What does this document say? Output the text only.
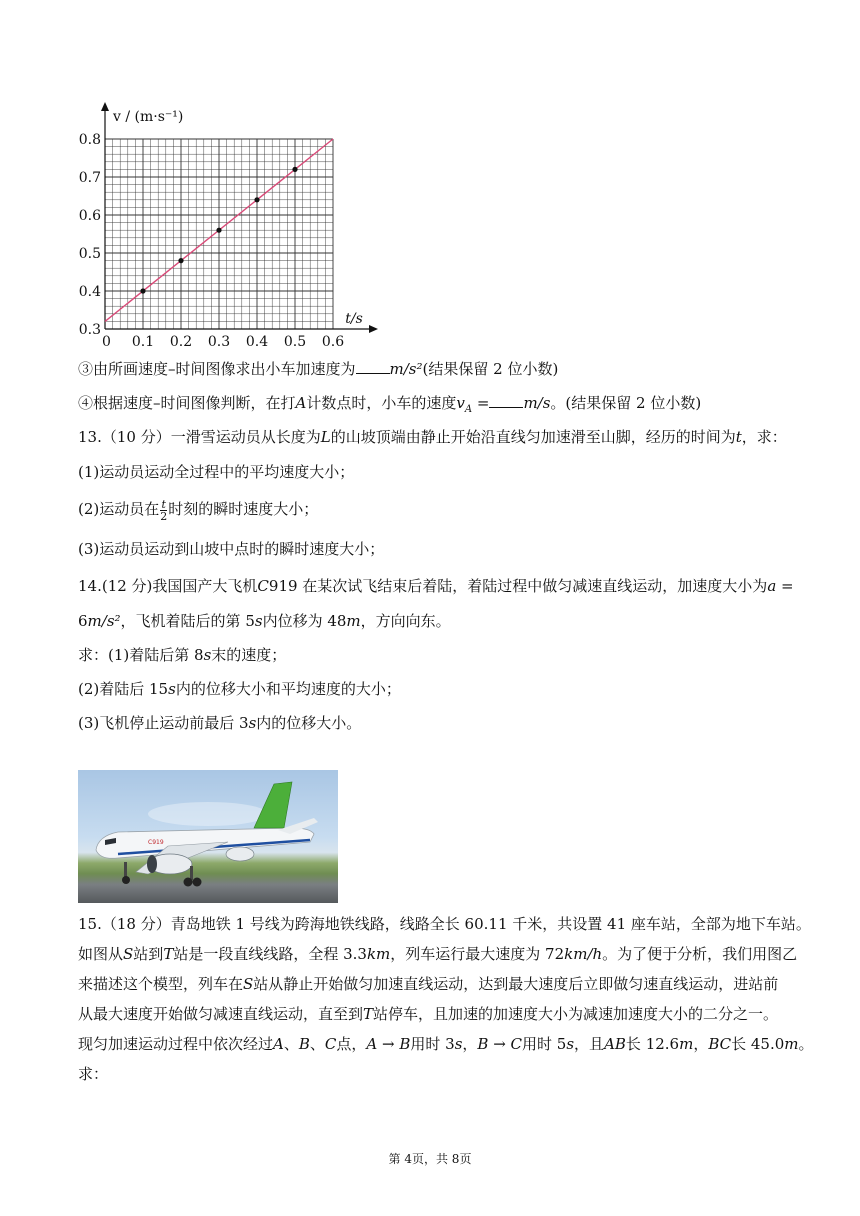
0 0.1 0.2 0.3 0.4 0.5 0.6
0.3
0.4
0.5
0.6
0.7
0.8
v / (m·s⁻¹)
t/s
③由所画速度–时间图像求出小车加速度为 m/s²(结果保留 2 位小数)
④根据速度–时间图像判断，在打A计数点时，小车的速度$v_A = m/s$。(结果保留 2 位小数)
13.（10 分）一滑雪运动员从长度为L的山坡顶端由静止开始沿直线匀加速滑至山脚，经历的时间为t，求：
(1)运动员运动全过程中的平均速度大小；
(2)运动员在 $\frac{t}{2}$ 时刻的瞬时速度大小；
(3)运动员运动到山坡中点时的瞬时速度大小；
14.(12 分)我国国产大飞机C919 在某次试飞结束后着陆，着陆过程中做匀减速直线运动，加速度大小为a =
6m/s²，飞机着陆后的第 5s内位移为 48m，方向向东。
求：(1)着陆后第 8s末的速度；
(2)着陆后 15s内的位移大小和平均速度的大小；
(3)飞机停止运动前最后 3s内的位移大小。
C919
15.（18 分）青岛地铁 1 号线为跨海地铁线路，线路全长 60.11 千米，共设置 41 座车站，全部为地下车站。
如图从S站到T站是一段直线线路，全程 3.3km，列车运行最大速度为 72km/h。为了便于分析，我们用图乙
来描述这个模型，列车在S站从静止开始做匀加速直线运动，达到最大速度后立即做匀速直线运动，进站前
从最大速度开始做匀减速直线运动，直至到T站停车，且加速的加速度大小为减速加速度大小的二分之一。
现匀加速运动过程中依次经过A、B、C点，A → B用时 3s，B → C用时 5s，且AB长 12.6m，BC长 45.0m。
求：
第 4页，共 8页
